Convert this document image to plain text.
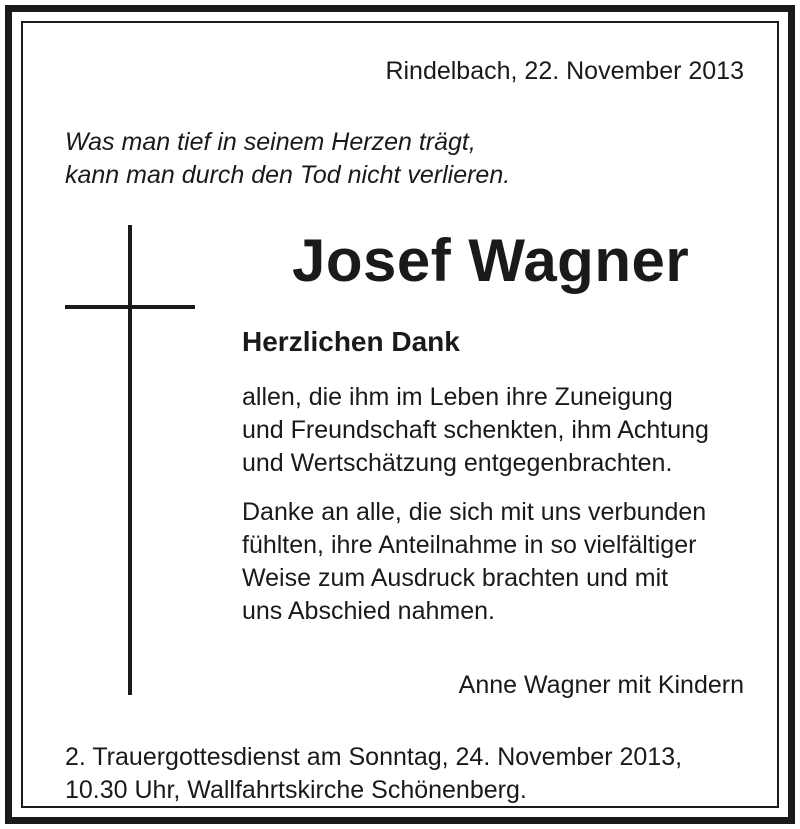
Rindelbach, 22. November 2013
Was man tief in seinem Herzen trägt,
kann man durch den Tod nicht verlieren.
Josef Wagner
Herzlichen Dank
allen, die ihm im Leben ihre Zuneigung
und Freundschaft schenkten, ihm Achtung
und Wertschätzung entgegenbrachten.
Danke an alle, die sich mit uns verbunden
fühlten, ihre Anteilnahme in so vielfältiger
Weise zum Ausdruck brachten und mit
uns Abschied nahmen.
Anne Wagner mit Kindern
2. Trauergottesdienst am Sonntag, 24. November 2013,
10.30 Uhr, Wallfahrtskirche Schönenberg.
